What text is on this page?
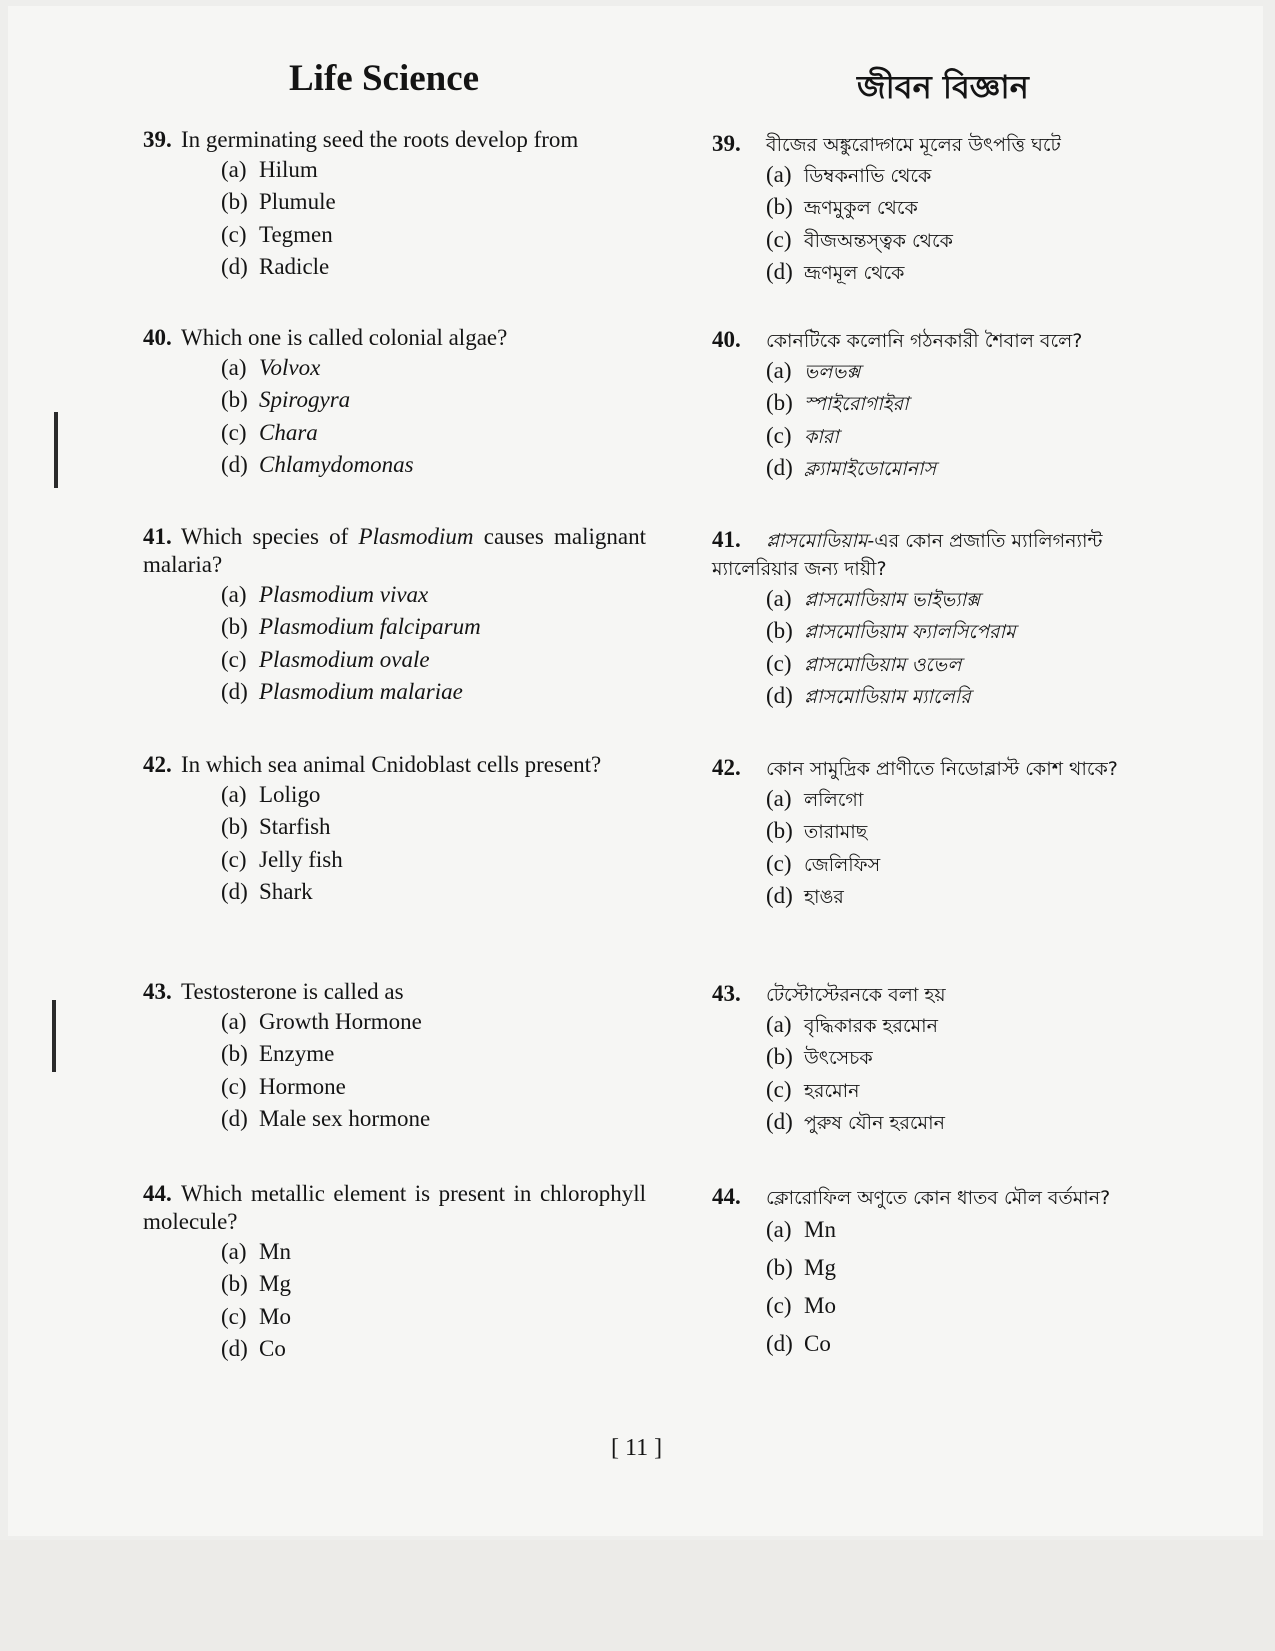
Life Science	জীবন বিজ্ঞান

39. In germinating seed the roots develop from

(a) Hilum
(b) Plumule
(c) Tegmen
(d) Radicle

40. Which one is called colonial algae?

(a) Volvox
(b) Spirogyra
(c) Chara
(d) Chlamydomonas

41. Which species of Plasmodium causes malignant malaria?

(a) Plasmodium vivax
(b) Plasmodium falciparum
(c) Plasmodium ovale
(d) Plasmodium malariae

42. In which sea animal Cnidoblast cells present?

(a) Loligo
(b) Starfish
(c) Jelly fish
(d) Shark

43. Testosterone is called as

(a) Growth Hormone
(b) Enzyme
(c) Hormone
(d) Male sex hormone

44. Which metallic element is present in chlorophyll molecule?

(a) Mn
(b) Mg
(c) Mo
(d) Co

39. বীজের অঙ্কুরোদ্গমে মূলের উৎপত্তি ঘটে

(a) ডিম্বকনাভি থেকে
(b) ভ্রূণমুকুল থেকে
(c) বীজঅন্তস্ত্বক থেকে
(d) ভ্রূণমূল থেকে

40. কোনটিকে কলোনি গঠনকারী শৈবাল বলে?

(a) ভলভক্স
(b) স্পাইরোগাইরা
(c) কারা
(d) ক্ল্যামাইডোমোনাস

41. প্লাসমোডিয়াম-এর কোন প্রজাতি ম্যালিগন্যান্ট ম্যালেরিয়ার জন্য দায়ী?

(a) প্লাসমোডিয়াম ভাইভ্যাক্স
(b) প্লাসমোডিয়াম ফ্যালসিপেরাম
(c) প্লাসমোডিয়াম ওভেল
(d) প্লাসমোডিয়াম ম্যালেরি

42. কোন সামুদ্রিক প্রাণীতে নিডোব্লাস্ট কোশ থাকে?

(a) ললিগো
(b) তারামাছ
(c) জেলিফিস
(d) হাঙর

43. টেস্টোস্টেরনকে বলা হয়

(a) বৃদ্ধিকারক হরমোন
(b) উৎসেচক
(c) হরমোন
(d) পুরুষ যৌন হরমোন

44. ক্লোরোফিল অণুতে কোন ধাতব মৌল বর্তমান?

(a) Mn
(b) Mg
(c) Mo
(d) Co

[ 11 ]
